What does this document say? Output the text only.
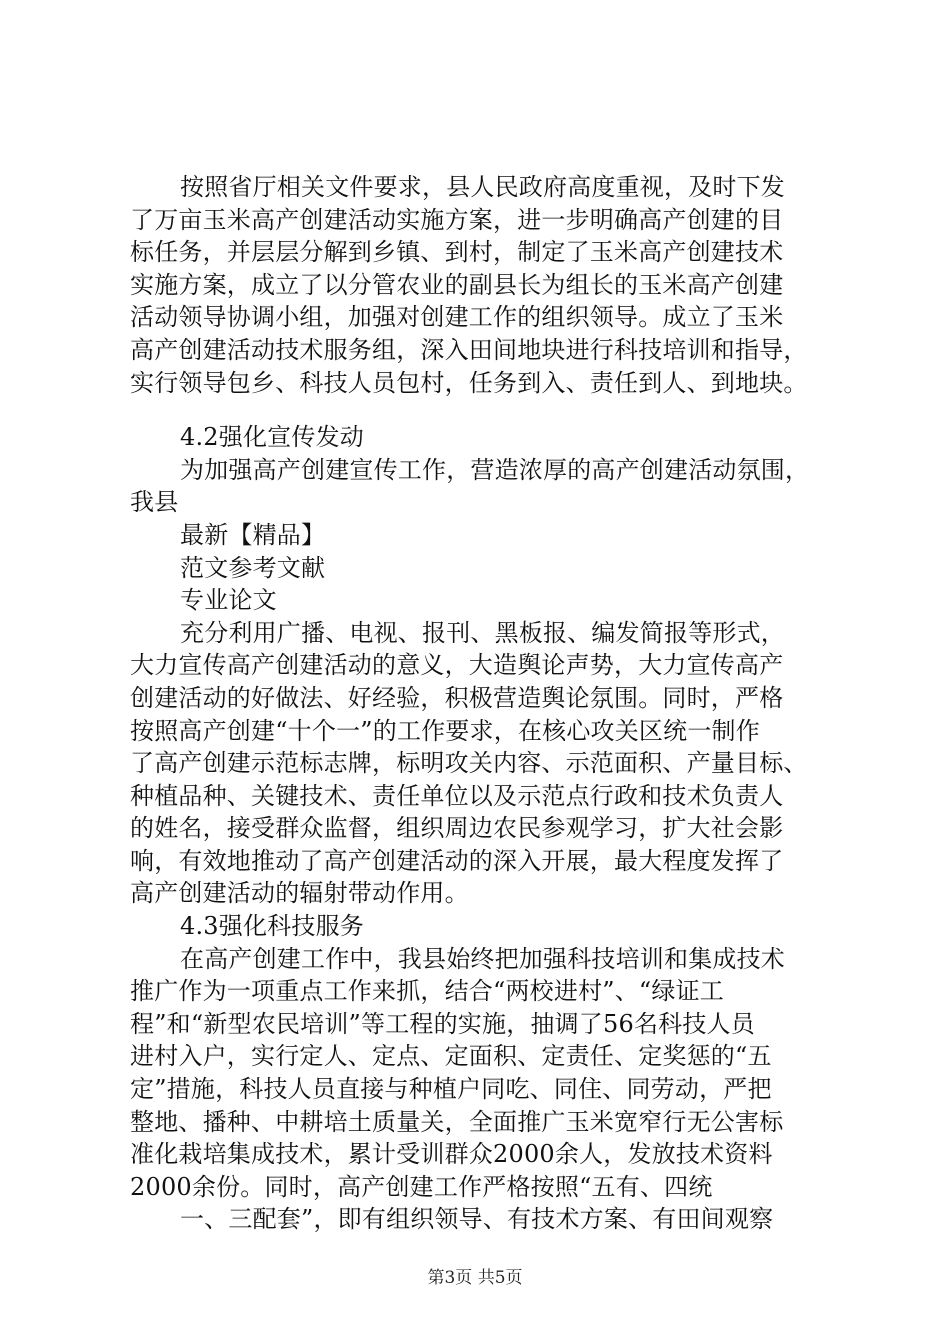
按照省厅相关文件要求，县人民政府高度重视，及时下发
了万亩玉米高产创建活动实施方案，进一步明确高产创建的目
标任务，并层层分解到乡镇、到村，制定了玉米高产创建技术
实施方案，成立了以分管农业的副县长为组长的玉米高产创建
活动领导协调小组，加强对创建工作的组织领导。成立了玉米
高产创建活动技术服务组，深入田间地块进行科技培训和指导，
实行领导包乡、科技人员包村，任务到入、责任到人、到地块。
4.2强化宣传发动
为加强高产创建宣传工作，营造浓厚的高产创建活动氛围，
我县
最新【精品】
范文参考文献
专业论文
充分利用广播、电视、报刊、黑板报、编发简报等形式，
大力宣传高产创建活动的意义，大造舆论声势，大力宣传高产
创建活动的好做法、好经验，积极营造舆论氛围。同时，严格
按照高产创建“十个一”的工作要求，在核心攻关区统一制作
了高产创建示范标志牌，标明攻关内容、示范面积、产量目标、
种植品种、关键技术、责任单位以及示范点行政和技术负责人
的姓名，接受群众监督，组织周边农民参观学习，扩大社会影
响，有效地推动了高产创建活动的深入开展，最大程度发挥了
高产创建活动的辐射带动作用。
4.3强化科技服务
在高产创建工作中，我县始终把加强科技培训和集成技术
推广作为一项重点工作来抓，结合“两校进村”、“绿证工
程”和“新型农民培训”等工程的实施，抽调了56名科技人员
进村入户，实行定人、定点、定面积、定责任、定奖惩的“五
定”措施，科技人员直接与种植户同吃、同住、同劳动，严把
整地、播种、中耕培土质量关，全面推广玉米宽窄行无公害标
准化栽培集成技术，累计受训群众2000余人，发放技术资料
2000余份。同时，高产创建工作严格按照“五有、四统
一、三配套”，即有组织领导、有技术方案、有田间观察
第3页 共5页
